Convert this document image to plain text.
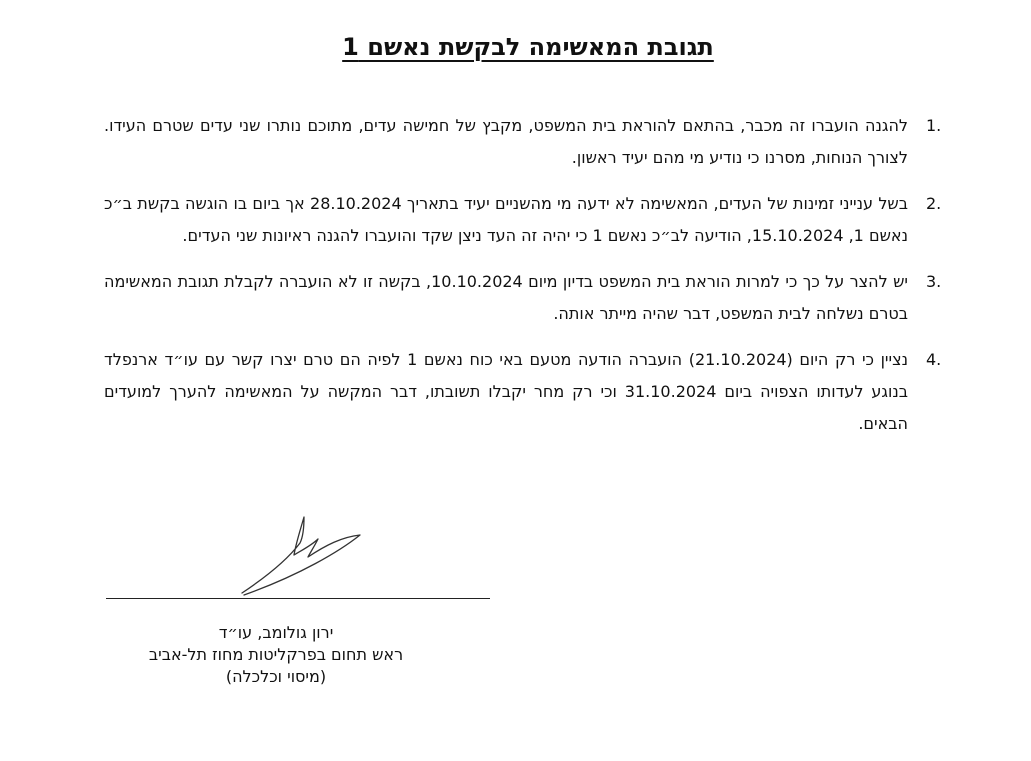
תגובת המאשימה לבקשת נאשם 1
1.
להגנה הועברו זה מכבר, בהתאם להוראת בית המשפט, מקבץ של חמישה עדים, מתוכם נותרו שני עדים שטרם העידו. לצורך הנוחות, מסרנו כי נודיע מי מהם יעיד ראשון.
2.
בשל ענייני זמינות של העדים, המאשימה לא ידעה מי מהשניים יעיד בתאריך 28.10.2024 אך ביום בו הוגשה בקשת ב״כ נאשם 1, 15.10.2024, הודיעה לב״כ נאשם 1 כי יהיה זה העד ניצן שקד והועברו להגנה ראיונות שני העדים.
3.
יש להצר על כך כי למרות הוראת בית המשפט בדיון מיום 10.10.2024, בקשה זו לא הועברה לקבלת תגובת המאשימה בטרם נשלחה לבית המשפט, דבר שהיה מייתר אותה.
4.
נציין כי רק היום (21.10.2024) הועברה הודעה מטעם באי כוח נאשם 1 לפיה הם טרם יצרו קשר עם עו״ד ארנפלד בנוגע לעדותו הצפויה ביום 31.10.2024 וכי רק מחר יקבלו תשובתו, דבר המקשה על המאשימה להערך למועדים הבאים.
ירון גולומב, עו״ד
ראש תחום בפרקליטות מחוז תל-אביב
(מיסוי וכלכלה)
